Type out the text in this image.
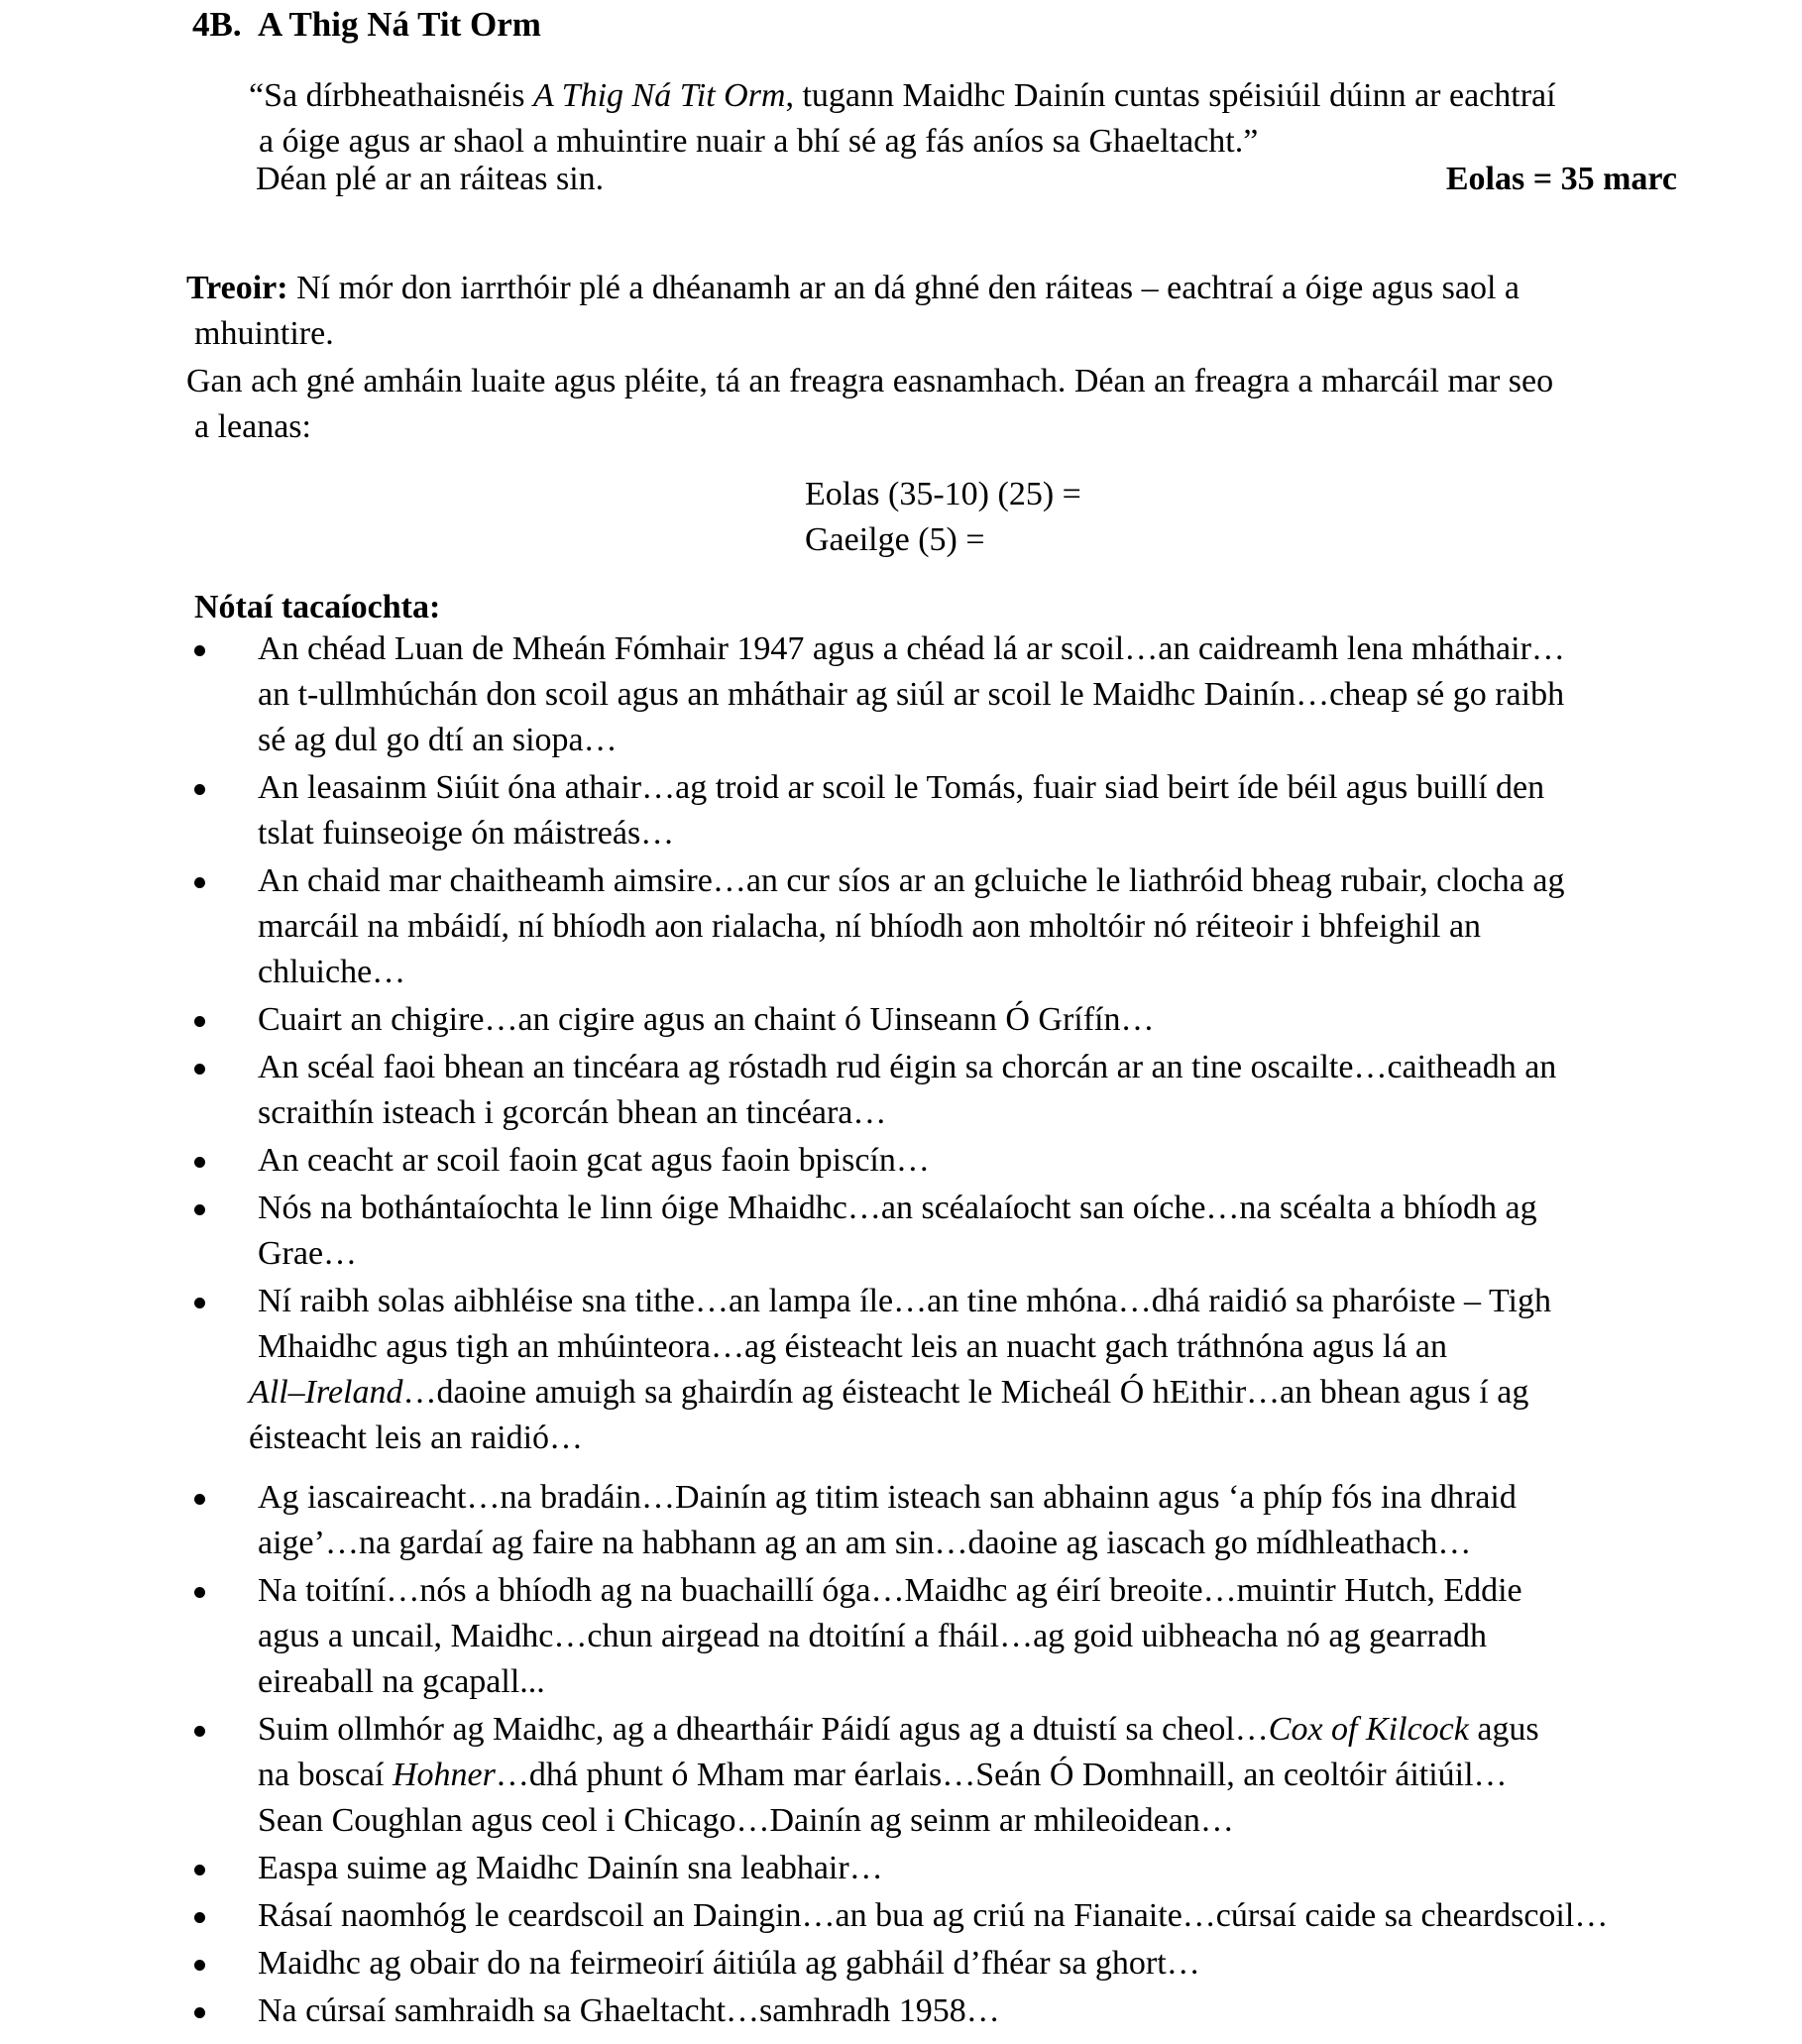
4B. A Thig Ná Tit Orm
“Sa dírbheathaisnéis A Thig Ná Tit Orm, tugann Maidhc Dainín cuntas spéisiúil dúinn ar eachtraí
a óige agus ar shaol a mhuintire nuair a bhí sé ag fás aníos sa Ghaeltacht.”
Déan plé ar an ráiteas sin.	Eolas = 35 marc
Treoir: Ní mór don iarrthóir plé a dhéanamh ar an dá ghné den ráiteas – eachtraí a óige agus saol a
mhuintire.
Gan ach gné amháin luaite agus pléite, tá an freagra easnamhach. Déan an freagra a mharcáil mar seo
a leanas:
Eolas (35-10) (25) =
Gaeilge (5) =
Nótaí tacaíochta:
An chéad Luan de Mheán Fómhair 1947 agus a chéad lá ar scoil…an caidreamh lena mháthair…
an t-ullmhúchán don scoil agus an mháthair ag siúl ar scoil le Maidhc Dainín…cheap sé go raibh
sé ag dul go dtí an siopa…
An leasainm Siúit óna athair…ag troid ar scoil le Tomás, fuair siad beirt íde béil agus buillí den
tslat fuinseoige ón máistreás…
An chaid mar chaitheamh aimsire…an cur síos ar an gcluiche le liathróid bheag rubair, clocha ag
marcáil na mbáidí, ní bhíodh aon rialacha, ní bhíodh aon mholtóir nó réiteoir i bhfeighil an
chluiche…
Cuairt an chigire…an cigire agus an chaint ó Uinseann Ó Grífín…
An scéal faoi bhean an tincéara ag róstadh rud éigin sa chorcán ar an tine oscailte…caitheadh an
scraithín isteach i gcorcán bhean an tincéara…
An ceacht ar scoil faoin gcat agus faoin bpiscín…
Nós na bothántaíochta le linn óige Mhaidhc…an scéalaíocht san oíche…na scéalta a bhíodh ag
Grae…
Ní raibh solas aibhléise sna tithe…an lampa íle…an tine mhóna…dhá raidió sa pharóiste – Tigh
Mhaidhc agus tigh an mhúinteora…ag éisteacht leis an nuacht gach tráthnóna agus lá an
All–Ireland…daoine amuigh sa ghairdín ag éisteacht le Micheál Ó hEithir…an bhean agus í ag
éisteacht leis an raidió…
Ag iascaireacht…na bradáin…Dainín ag titim isteach san abhainn agus ‘a phíp fós ina dhraid
aige’…na gardaí ag faire na habhann ag an am sin…daoine ag iascach go mídhleathach…
Na toitíní…nós a bhíodh ag na buachaillí óga…Maidhc ag éirí breoite…muintir Hutch, Eddie
agus a uncail, Maidhc…chun airgead na dtoitíní a fháil…ag goid uibheacha nó ag gearradh
eireaball na gcapall...
Suim ollmhór ag Maidhc, ag a dheartháir Páidí agus ag a dtuistí sa cheol…Cox of Kilcock agus
na boscaí Hohner…dhá phunt ó Mham mar éarlais…Seán Ó Domhnaill, an ceoltóir áitiúil…
Sean Coughlan agus ceol i Chicago…Dainín ag seinm ar mhileoidean…
Easpa suime ag Maidhc Dainín sna leabhair…
Rásaí naomhóg le ceardscoil an Daingin…an bua ag criú na Fianaite…cúrsaí caide sa cheardscoil…
Maidhc ag obair do na feirmeoirí áitiúla ag gabháil d’fhéar sa ghort…
Na cúrsaí samhraidh sa Ghaeltacht…samhradh 1958…
